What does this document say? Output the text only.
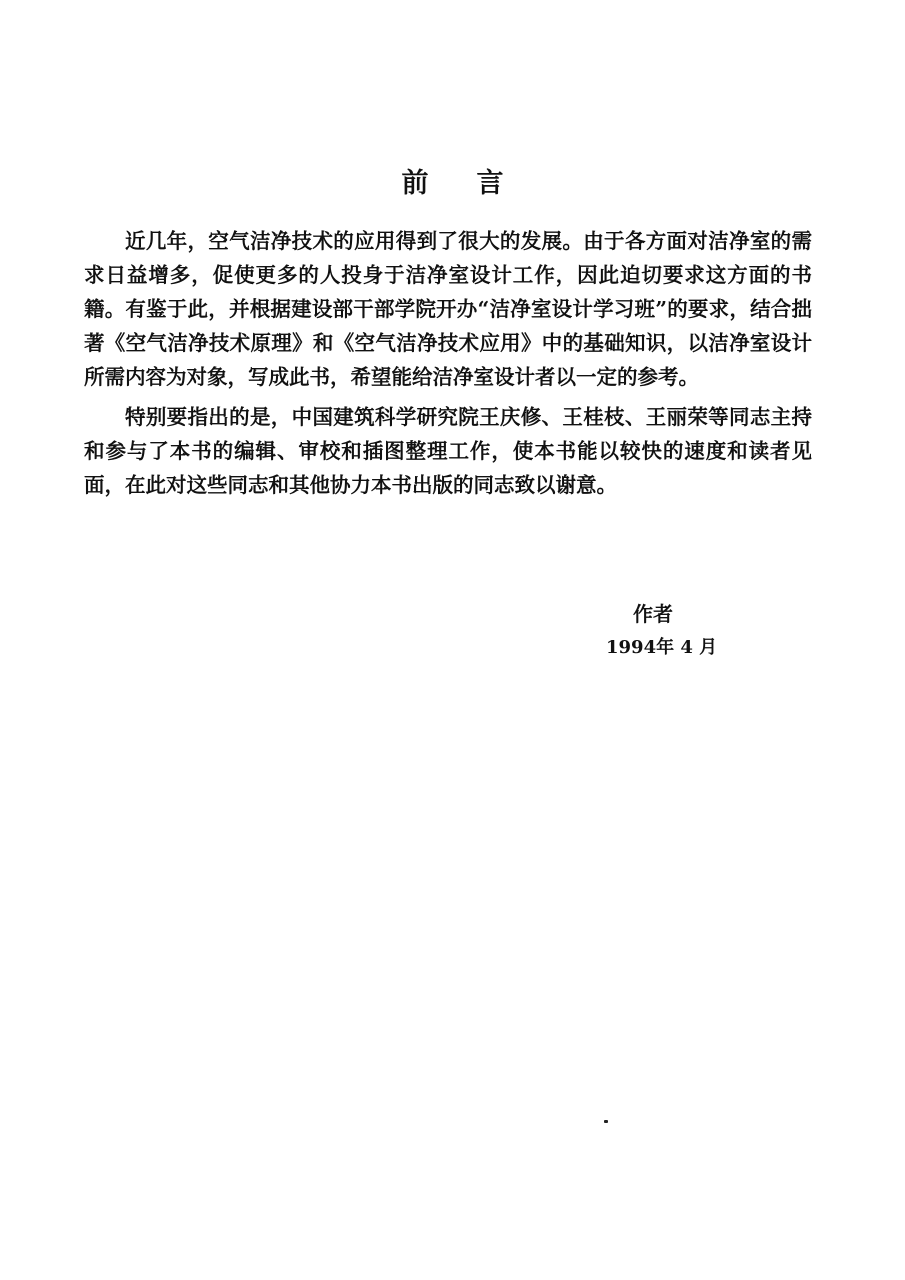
前言

近几年，空气洁净技术的应用得到了很大的发展。由于各方面对洁净室的需求日益增多，促使更多的人投身于洁净室设计工作，因此迫切要求这方面的书籍。有鉴于此，并根据建设部干部学院开办“洁净室设计学习班”的要求，结合拙著《空气洁净技术原理》和《空气洁净技术应用》中的基础知识，以洁净室设计所需内容为对象，写成此书，希望能给洁净室设计者以一定的参考。

特别要指出的是，中国建筑科学研究院王庆修、王桂枝、王丽荣等同志主持和参与了本书的编辑、审校和插图整理工作，使本书能以较快的速度和读者见面，在此对这些同志和其他协力本书出版的同志致以谢意。

作者
1994年 4 月
